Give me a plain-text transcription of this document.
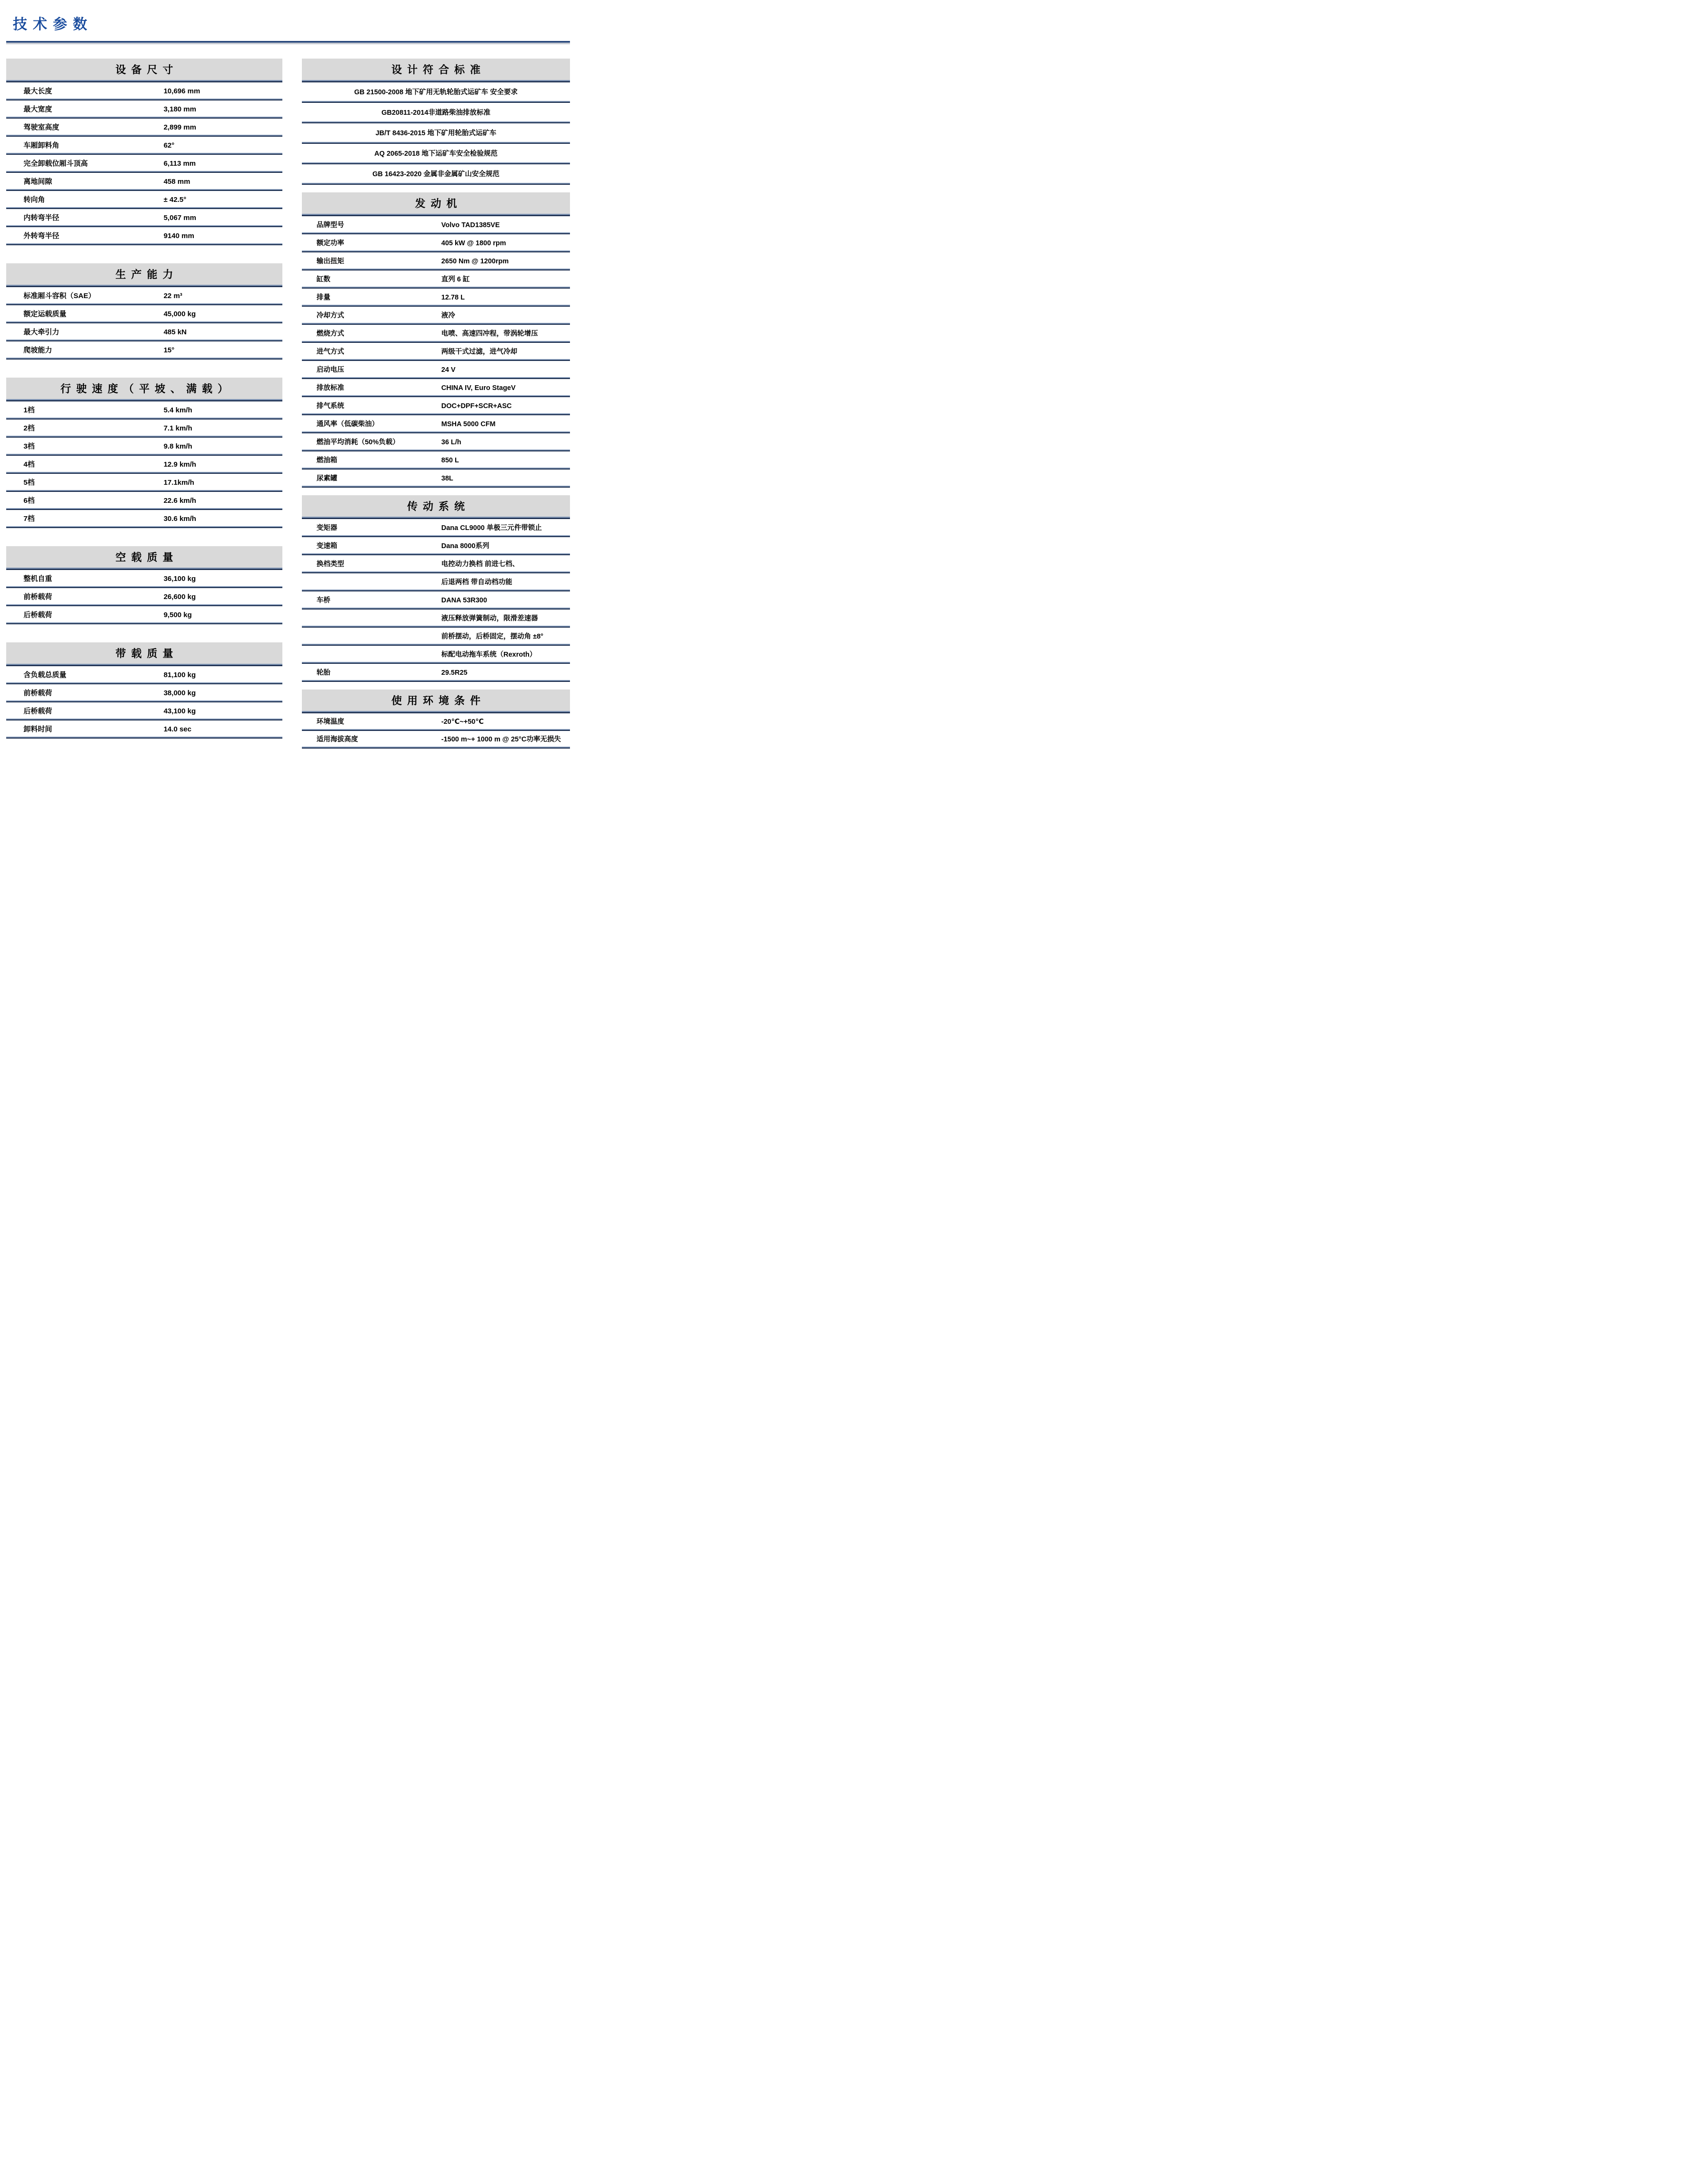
技术参数
设备尺寸
最大长度	10,696 mm
最大宽度	3,180 mm
驾驶室高度	2,899 mm
车厢卸料角	62°
完全卸载位厢斗顶高	6,113 mm
离地间隙	458 mm
转向角	± 42.5°
内转弯半径	5,067 mm
外转弯半径	9140 mm
生产能力
标准厢斗容积（SAE）	22 m³
额定运载质量	45,000 kg
最大牵引力	485 kN
爬坡能力	15°
行驶速度（平坡、满载）
1档	5.4 km/h
2档	7.1 km/h
3档	9.8 km/h
4档	12.9 km/h
5档	17.1km/h
6档	22.6 km/h
7档	30.6 km/h
空载质量
整机自重	36,100 kg
前桥载荷	26,600 kg
后桥载荷	9,500 kg
带载质量
含负载总质量	81,100 kg
前桥载荷	38,000 kg
后桥载荷	43,100 kg
卸料时间	14.0 sec
设计符合标准
GB 21500-2008 地下矿用无轨轮胎式运矿车 安全要求
GB20811-2014非道路柴油排放标准
JB/T 8436-2015 地下矿用轮胎式运矿车
AQ 2065-2018 地下运矿车安全检验规范
GB 16423-2020 金属非金属矿山安全规范
发动机
品牌型号	Volvo TAD1385VE
额定功率	405 kW @ 1800 rpm
输出扭矩	2650 Nm @ 1200rpm
缸数	直列 6 缸
排量	12.78 L
冷却方式	液冷
燃烧方式	电喷、高速四冲程，带涡轮增压
进气方式	两级干式过滤，进气冷却
启动电压	24 V
排放标准	CHINA IV, Euro StageV
排气系统	DOC+DPF+SCR+ASC
通风率（低碳柴油）	MSHA 5000 CFM
燃油平均消耗（50%负载）	36 L/h
燃油箱	850 L
尿素罐	38L
传动系统
变矩器	Dana CL9000 单极三元件带锁止
变速箱	Dana 8000系列
换档类型	电控动力换档 前进七档、
后退两档 带自动档功能
车桥	DANA 53R300
液压释放弹簧制动，限滑差速器
前桥摆动，后桥固定，摆动角 ±8°
标配电动拖车系统（Rexroth）
轮胎	29.5R25
使用环境条件
环境温度	-20℃~+50℃
适用海拔高度	-1500 m~+ 1000 m @ 25°C功率无损失
